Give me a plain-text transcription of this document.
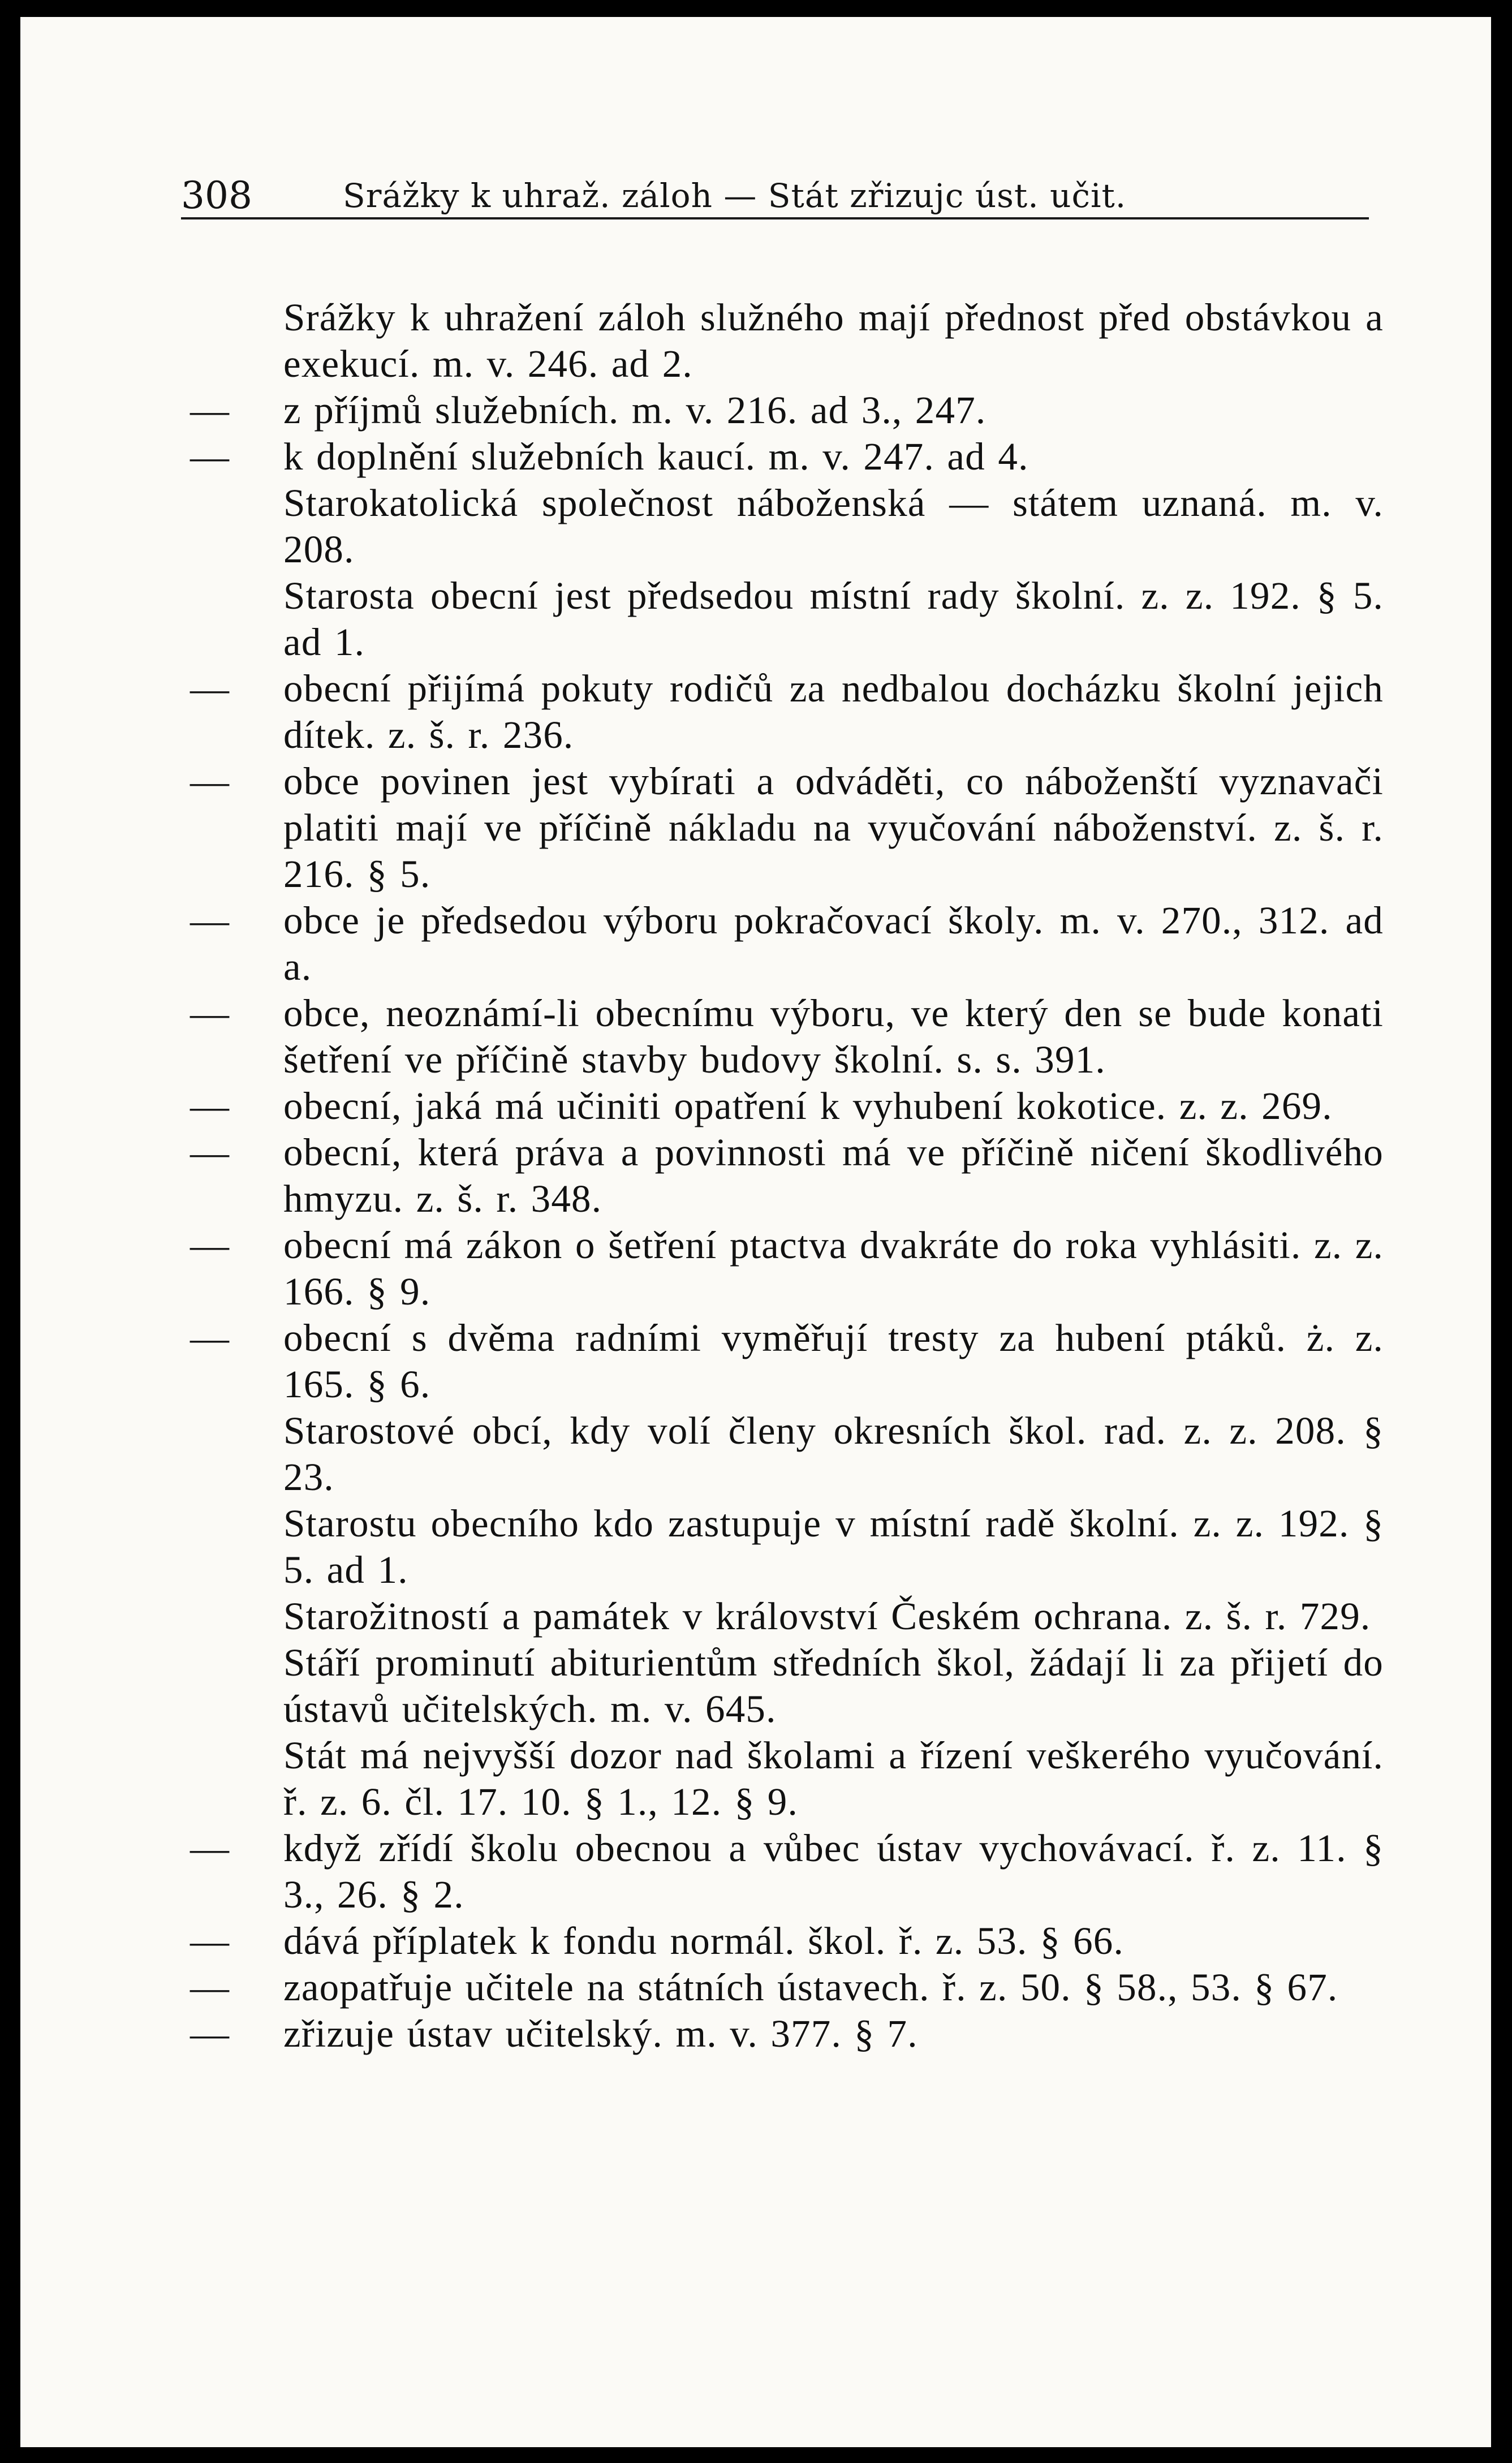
308	Srážky k uhraž. záloh — Stát zřizujc úst. učit.

Srážky k uhražení záloh služného mají přednost před obstávkou a exekucí. m. v. 246. ad 2.

— z příjmů služebních. m. v. 216. ad 3., 247.

— k doplnění služebních kaucí. m. v. 247. ad 4.

Starokatolická společnost náboženská — státem uznaná. m. v. 208.

Starosta obecní jest předsedou místní rady školní. z. z. 192. § 5. ad 1.

— obecní přijímá pokuty rodičů za nedbalou docházku školní jejich dítek. z. š. r. 236.

— obce povinen jest vybírati a odváděti, co náboženští vyznavači platiti mají ve příčině nákladu na vyučování náboženství. z. š. r. 216. § 5.

— obce je předsedou výboru pokračovací školy. m. v. 270., 312. ad a.

— obce, neoznámí-li obecnímu výboru, ve který den se bude konati šetření ve příčině stavby budovy školní. s. s. 391.

— obecní, jaká má učiniti opatření k vyhubení kokotice. z. z. 269.

— obecní, která práva a povinnosti má ve příčině ničení škodlivého hmyzu. z. š. r. 348.

— obecní má zákon o šetření ptactva dvakráte do roka vyhlásiti. z. z. 166. § 9.

— obecní s dvěma radními vyměřují tresty za hubení ptáků. ż. z. 165. § 6.

Starostové obcí, kdy volí členy okresních škol. rad. z. z. 208. § 23.

Starostu obecního kdo zastupuje v místní radě školní. z. z. 192. § 5. ad 1.

Starožitností a památek v království Českém ochrana. z. š. r. 729.

Stáří prominutí abiturientům středních škol, žádají li za přijetí do ústavů učitelských. m. v. 645.

Stát má nejvyšší dozor nad školami a řízení veškerého vyučování. ř. z. 6. čl. 17. 10. § 1., 12. § 9.

— když zřídí školu obecnou a vůbec ústav vychovávací. ř. z. 11. § 3., 26. § 2.

— dává příplatek k fondu normál. škol. ř. z. 53. § 66.

— zaopatřuje učitele na státních ústavech. ř. z. 50. § 58., 53. § 67.

— zřizuje ústav učitelský. m. v. 377. § 7.
